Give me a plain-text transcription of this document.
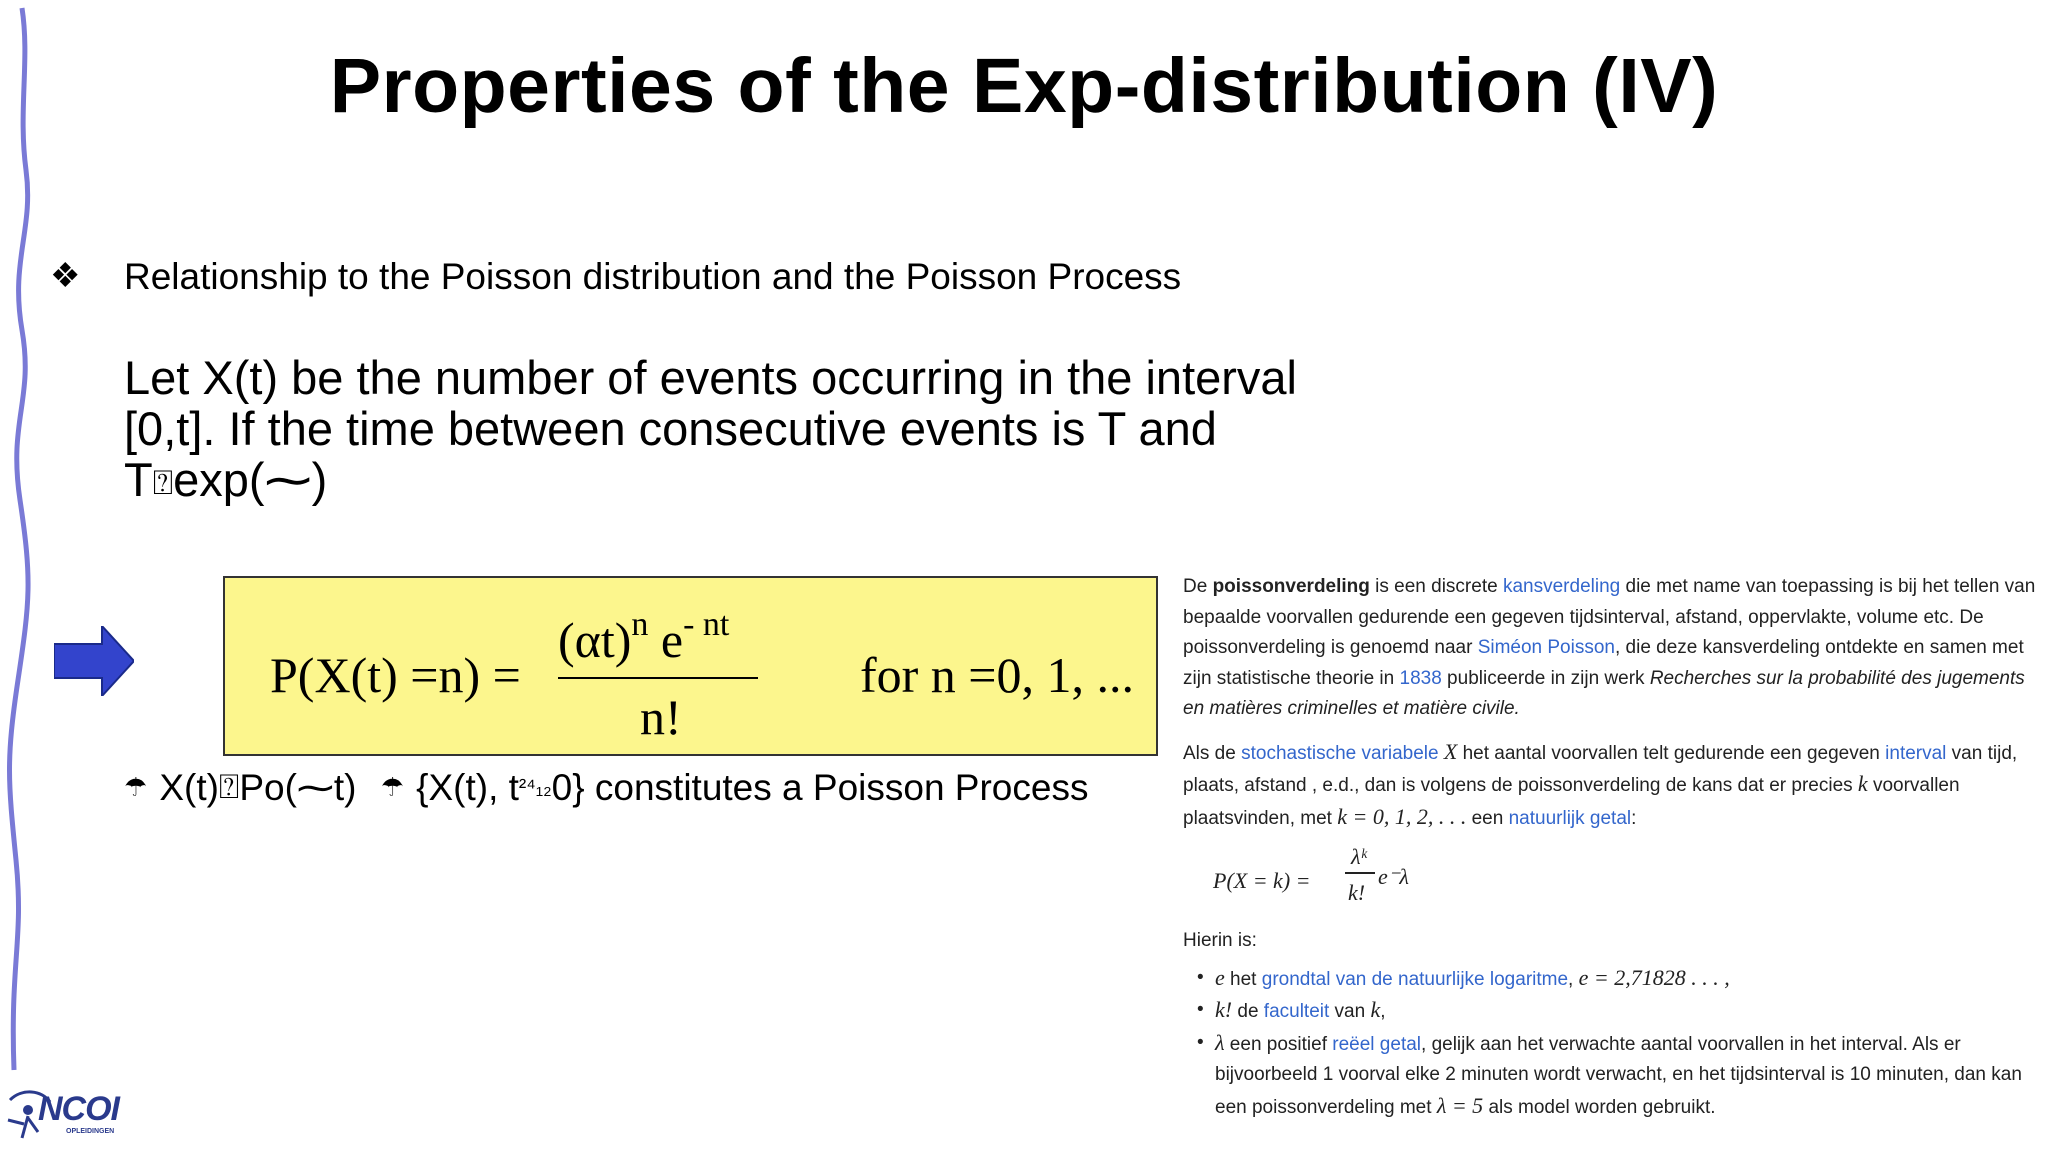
Properties of the Exp-distribution (IV)
❖ Relationship to the Poisson distribution and the Poisson Process
Let X(t) be the number of events occurring in the interval
[0,t]. If the time between consecutive events is T and
T⍰exp(⁓)
P(X(t) =n) =
$(\alpha t)^n$ $e^{- nt}$
n!
for n =0, 1, ...
☂ X(t)⍰Po(⁓t) ☂ {X(t), t²⁴₁₂0} constitutes a Poisson Process

De poissonverdeling is een discrete kansverdeling die met name van toepassing is bij het tellen van bepaalde voorvallen gedurende een gegeven tijdsinterval, afstand, oppervlakte, volume etc. De poissonverdeling is genoemd naar Siméon Poisson, die deze kansverdeling ontdekte en samen met zijn statistische theorie in 1838 publiceerde in zijn werk Recherches sur la probabilité des jugements en matières criminelles et matière civile.

Als de stochastische variabele X het aantal voorvallen telt gedurende een gegeven interval van tijd, plaats, afstand , e.d., dan is volgens de poissonverdeling de kans dat er precies k voorvallen plaatsvinden, met k = 0, 1, 2, . . . een natuurlijk getal:

P(X = k) =
λᵏ
k!
e⁻λ
Hierin is:
• e het grondtal van de natuurlijke logaritme, e = 2,71828 . . . ,
• k! de faculteit van k,
• λ een positief reëel getal, gelijk aan het verwachte aantal voorvallen in het interval. Als er bijvoorbeeld 1 voorval elke 2 minuten wordt verwacht, en het tijdsinterval is 10 minuten, dan kan een poissonverdeling met λ = 5 als model worden gebruikt.
NCOI
OPLEIDINGEN
